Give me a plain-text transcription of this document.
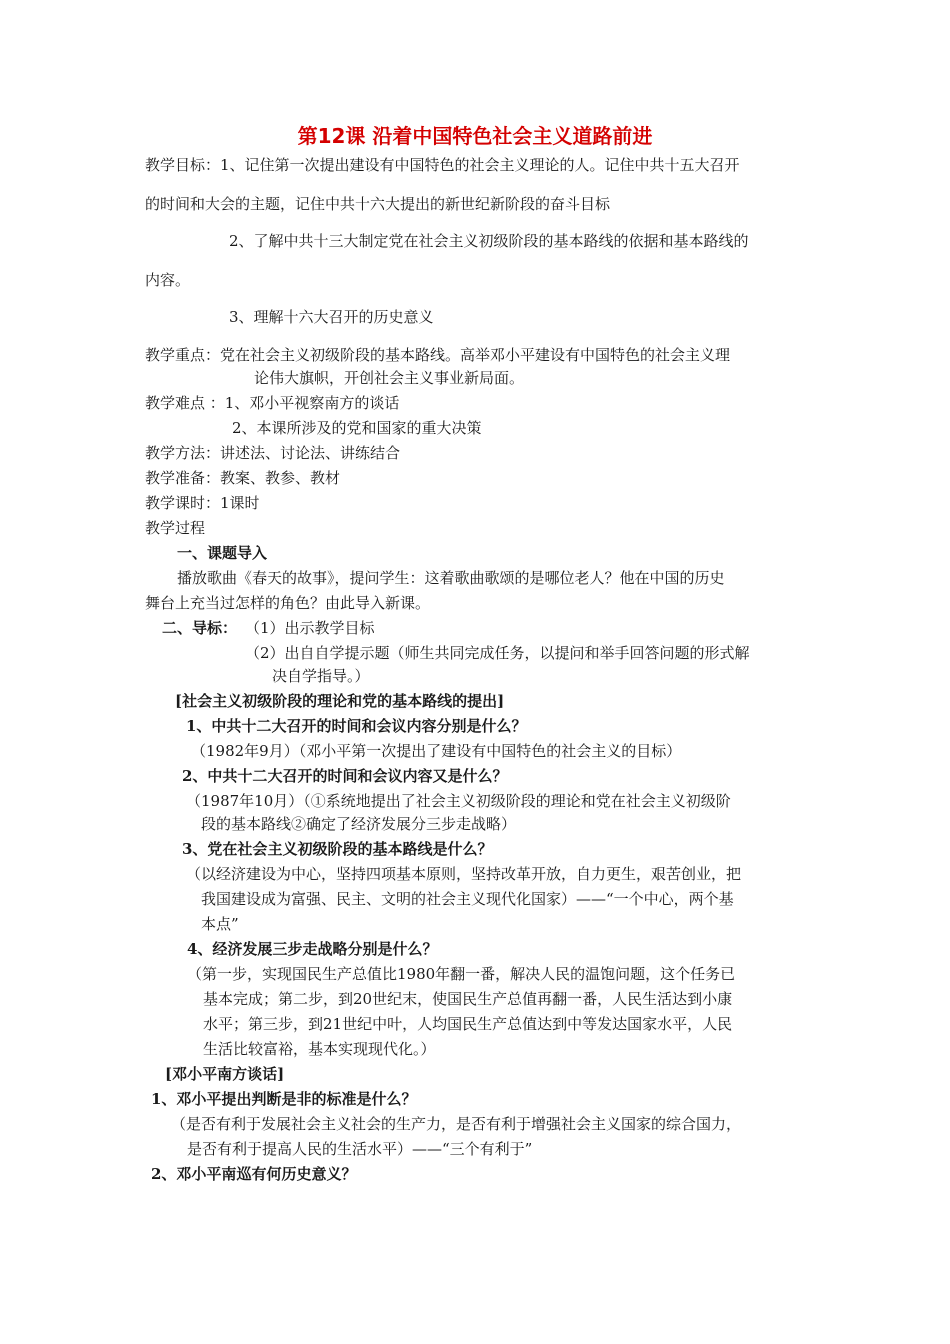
第12课 沿着中国特色社会主义道路前进
教学目标：1、记住第一次提出建设有中国特色的社会主义理论的人。记住中共十五大召开
的时间和大会的主题，记住中共十六大提出的新世纪新阶段的奋斗目标
2、了解中共十三大制定党在社会主义初级阶段的基本路线的依据和基本路线的
内容。
3、理解十六大召开的历史意义
教学重点：党在社会主义初级阶段的基本路线。高举邓小平建设有中国特色的社会主义理
论伟大旗帜，开创社会主义事业新局面。
教学难点 ：1、邓小平视察南方的谈话
2、本课所涉及的党和国家的重大决策
教学方法：讲述法、讨论法、讲练结合
教学准备：教案、教参、教材
教学课时：1课时
教学过程
一、课题导入
播放歌曲《春天的故事》，提问学生：这着歌曲歌颂的是哪位老人？他在中国的历史
舞台上充当过怎样的角色？由此导入新课。
二、导标： （1）出示教学目标
（2）出自自学提示题（师生共同完成任务，以提问和举手回答问题的形式解
决自学指导。）
[社会主义初级阶段的理论和党的基本路线的提出]
1、中共十二大召开的时间和会议内容分别是什么？
（1982年9月）（邓小平第一次提出了建设有中国特色的社会主义的目标）
2、中共十二大召开的时间和会议内容又是什么？
（1987年10月）（①系统地提出了社会主义初级阶段的理论和党在社会主义初级阶
段的基本路线②确定了经济发展分三步走战略）
3、党在社会主义初级阶段的基本路线是什么？
（以经济建设为中心，坚持四项基本原则，坚持改革开放，自力更生，艰苦创业，把
我国建设成为富强、民主、文明的社会主义现代化国家）——“一个中心，两个基
本点”
4、经济发展三步走战略分别是什么？
（第一步，实现国民生产总值比1980年翻一番，解决人民的温饱问题，这个任务已
基本完成；第二步，到20世纪末，使国民生产总值再翻一番，人民生活达到小康
水平；第三步，到21世纪中叶，人均国民生产总值达到中等发达国家水平，人民
生活比较富裕，基本实现现代化。）
[邓小平南方谈话]
1、邓小平提出判断是非的标准是什么？
（是否有利于发展社会主义社会的生产力，是否有利于增强社会主义国家的综合国力，
是否有利于提高人民的生活水平）——“三个有利于”
2、邓小平南巡有何历史意义？
